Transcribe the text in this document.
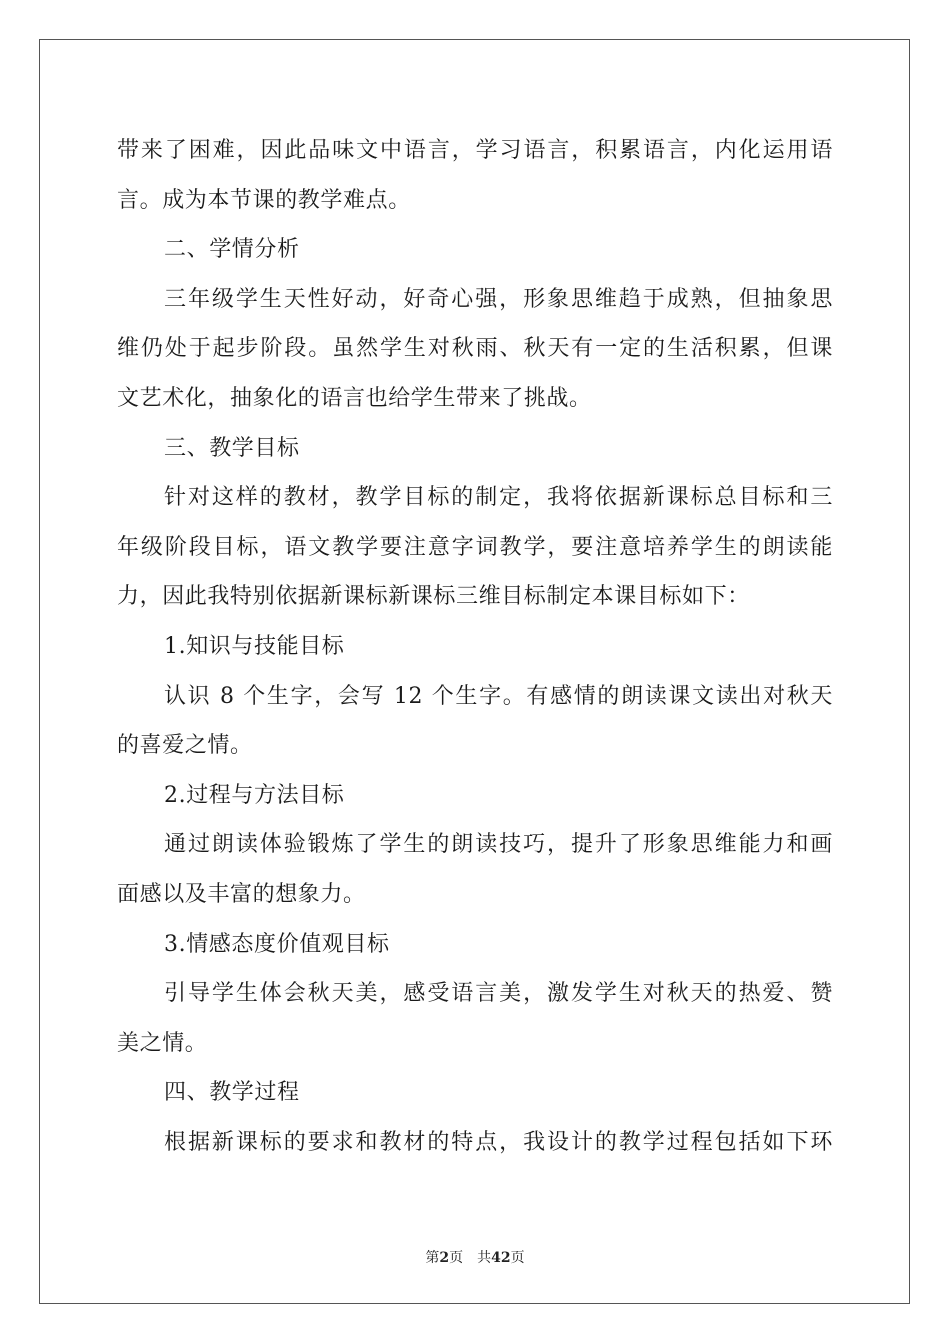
带来了困难，因此品味文中语言，学习语言，积累语言，内化运用语
言。成为本节课的教学难点。
二、学情分析
三年级学生天性好动，好奇心强，形象思维趋于成熟，但抽象思
维仍处于起步阶段。虽然学生对秋雨、秋天有一定的生活积累，但课
文艺术化，抽象化的语言也给学生带来了挑战。
三、教学目标
针对这样的教材，教学目标的制定，我将依据新课标总目标和三
年级阶段目标，语文教学要注意字词教学，要注意培养学生的朗读能
力，因此我特别依据新课标新课标三维目标制定本课目标如下：
1.知识与技能目标
认识 8 个生字，会写 12 个生字。有感情的朗读课文读出对秋天
的喜爱之情。
2.过程与方法目标
通过朗读体验锻炼了学生的朗读技巧，提升了形象思维能力和画
面感以及丰富的想象力。
3.情感态度价值观目标
引导学生体会秋天美，感受语言美，激发学生对秋天的热爱、赞
美之情。
四、教学过程
根据新课标的要求和教材的特点，我设计的教学过程包括如下环
第2页 共42页
